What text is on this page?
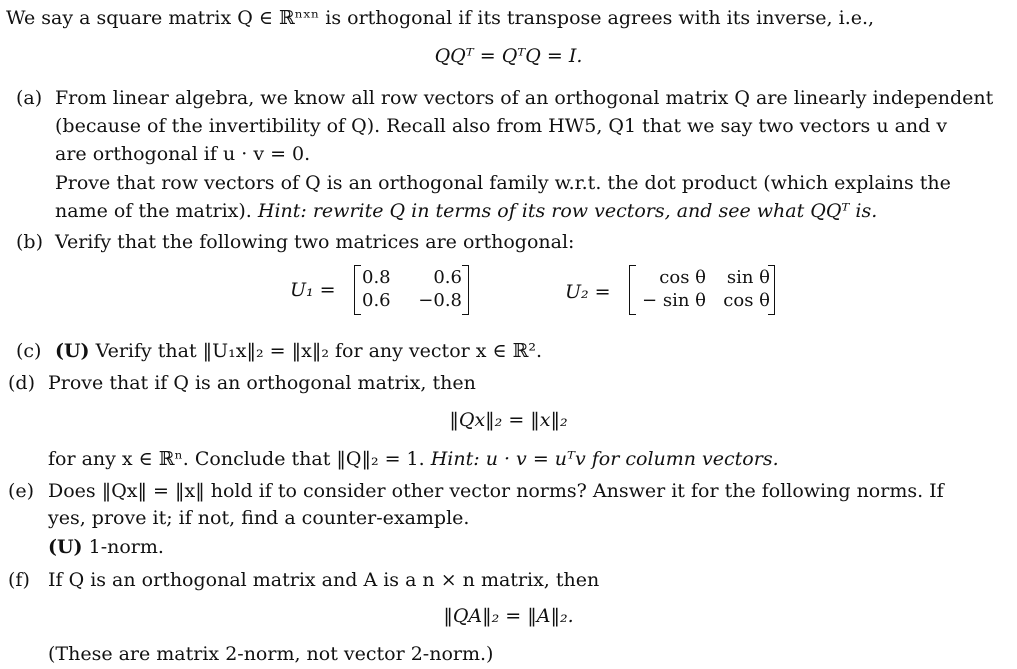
We say a square matrix Q ∈ ℝⁿˣⁿ is orthogonal if its transpose agrees with its inverse, i.e.,
QQᵀ = QᵀQ = I.
(a) From linear algebra, we know all row vectors of an orthogonal matrix Q are linearly independent
(because of the invertibility of Q). Recall also from HW5, Q1 that we say two vectors u and v
are orthogonal if u · v = 0.
Prove that row vectors of Q is an orthogonal family w.r.t. the dot product (which explains the
name of the matrix). Hint: rewrite Q in terms of its row vectors, and see what QQᵀ is.
(b) Verify that the following two matrices are orthogonal:
U₁ =
0.8 0.6
0.6 −0.8	U₂ =
cos θ sin θ
− sin θ cos θ
(c) (U) Verify that ‖U₁x‖₂ = ‖x‖₂ for any vector x ∈ ℝ².
(d) Prove that if Q is an orthogonal matrix, then
‖Qx‖₂ = ‖x‖₂
for any x ∈ ℝⁿ. Conclude that ‖Q‖₂ = 1. Hint: u · v = uᵀv for column vectors.
(e) Does ‖Qx‖ = ‖x‖ hold if to consider other vector norms? Answer it for the following norms. If
yes, prove it; if not, find a counter-example.
(U) 1-norm.
(f) If Q is an orthogonal matrix and A is a n × n matrix, then
‖QA‖₂ = ‖A‖₂.
(These are matrix 2-norm, not vector 2-norm.)
